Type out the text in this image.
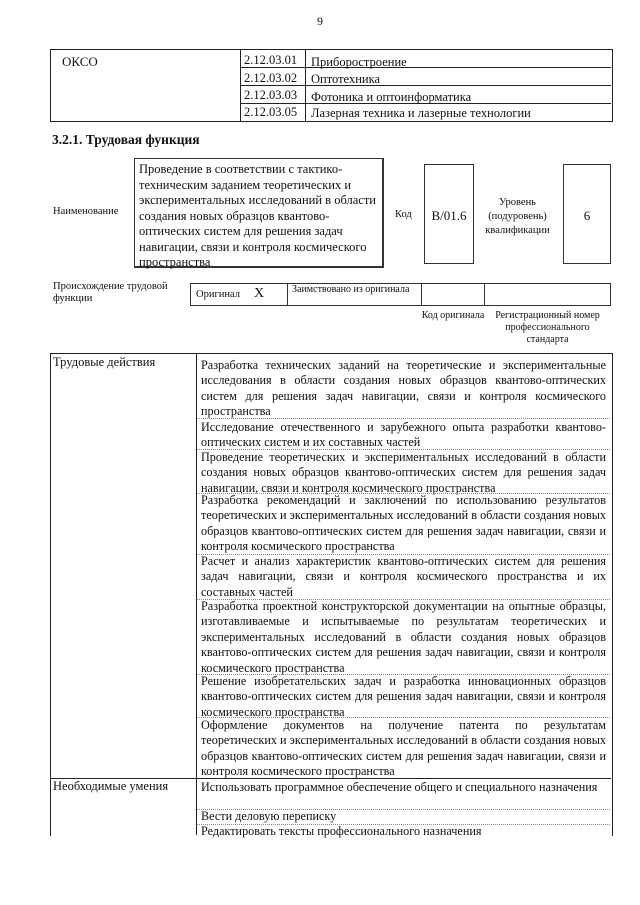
9
ОКСО	2.12.03.01 Приборостроение
2.12.03.02 Оптотехника
2.12.03.03 Фотоника и оптоинформатика
2.12.03.05 Лазерная техника и лазерные технологии
3.2.1. Трудовая функция
Наименование
Проведение в соответствии с тактико-техническим заданием теоретических и экспериментальных исследований в области создания новых образцов квантово-оптических систем для решения задач навигации, связи и контроля космического пространства
Код	B/01.6
Уровень (подуровень) квалификации
6
Происхождение трудовой функции	Оригинал X	Заимствовано из оригинала
Код оригинала	Регистрационный номер профессионального стандарта
Трудовые действия	Разработка технических заданий на теоретические и экспериментальные исследования в области создания новых образцов квантово-оптических систем для решения задач навигации, связи и контроля космического пространства
Исследование отечественного и зарубежного опыта разработки квантово-оптических систем и их составных частей
Проведение теоретических и экспериментальных исследований в области создания новых образцов квантово-оптических систем для решения задач навигации, связи и контроля космического пространства
Разработка рекомендаций и заключений по использованию результатов теоретических и экспериментальных исследований в области создания новых образцов квантово-оптических систем для решения задач навигации, связи и контроля космического пространства
Расчет и анализ характеристик квантово-оптических систем для решения задач навигации, связи и контроля космического пространства и их составных частей
Разработка проектной конструкторской документации на опытные образцы, изготавливаемые и испытываемые по результатам теоретических и экспериментальных исследований в области создания новых образцов квантово-оптических систем для решения задач навигации, связи и контроля космического пространства
Решение изобретательских задач и разработка инновационных образцов квантово-оптических систем для решения задач навигации, связи и контроля космического пространства
Оформление документов на получение патента по результатам теоретических и экспериментальных исследований в области создания новых образцов квантово-оптических систем для решения задач навигации, связи и контроля космического пространства
Необходимые умения	Использовать программное обеспечение общего и специального назначения
Вести деловую переписку
Редактировать тексты профессионального назначения
